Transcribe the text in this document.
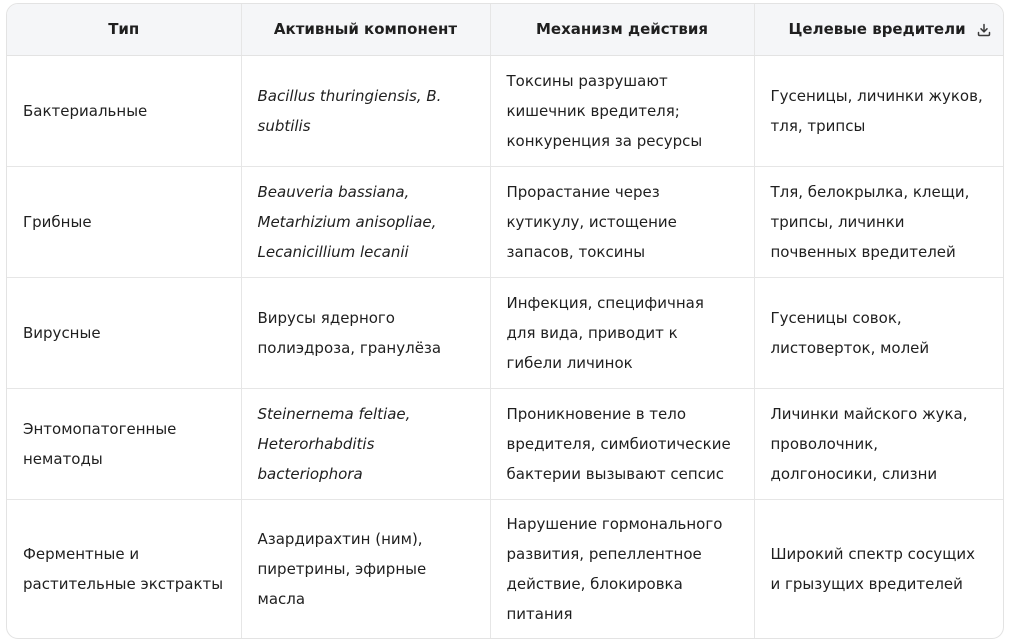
Тип	Активный компонент	Механизм действия	Целевые вредители

Бактериальные	Bacillus thuringiensis, B. subtilis	Токсины разрушают кишечник вредителя; конкуренция за ресурсы	Гусеницы, личинки жуков, тля, трипсы
Грибные	Beauveria bassiana, Metarhizium anisopliae, Lecanicillium lecanii	Прорастание через кутикулу, истощение запасов, токсины	Тля, белокрылка, клещи, трипсы, личинки почвенных вредителей
Вирусные	Вирусы ядерного полиэдроза, гранулёза	Инфекция, специфичная для вида, приводит к гибели личинок	Гусеницы совок, листоверток, молей
Энтомопатогенные нематоды	Steinernema feltiae, Heterorhabditis bacteriophora	Проникновение в тело вредителя, симбиотические бактерии вызывают сепсис	Личинки майского жука, проволочник, долгоносики, слизни
Ферментные и растительные экстракты	Азардирахтин (ним), пиретрины, эфирные масла	Нарушение гормонального развития, репеллентное действие, блокировка питания	Широкий спектр сосущих и грызущих вредителей
